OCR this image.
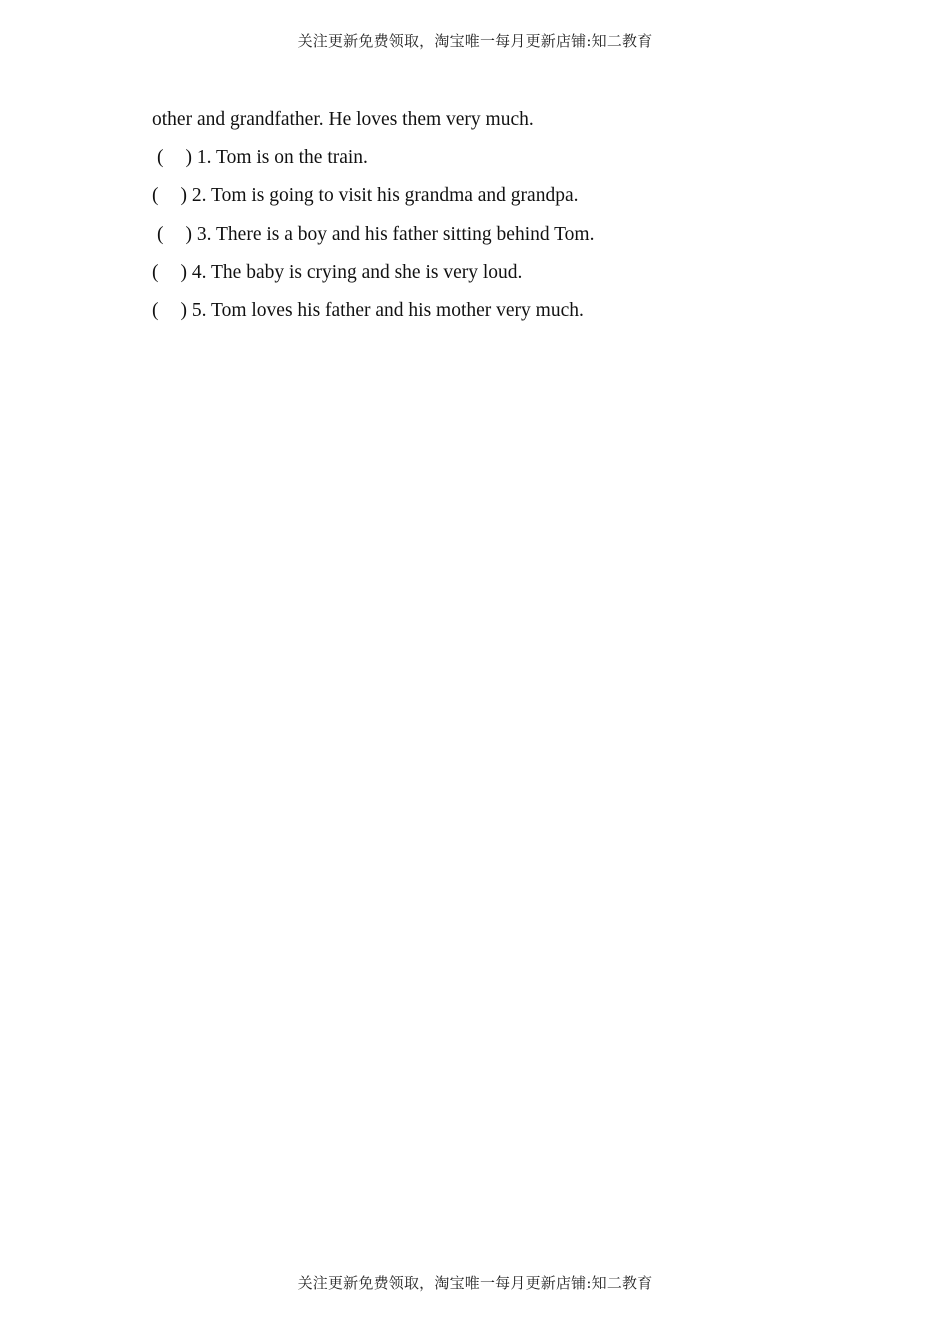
关注更新免费领取，淘宝唯一每月更新店铺:知二教育
other and grandfather. He loves them very much.
( ) 1. Tom is on the train.
( ) 2. Tom is going to visit his grandma and grandpa.
( ) 3. There is a boy and his father sitting behind Tom.
( ) 4. The baby is crying and she is very loud.
( ) 5. Tom loves his father and his mother very much.
关注更新免费领取，淘宝唯一每月更新店铺:知二教育
